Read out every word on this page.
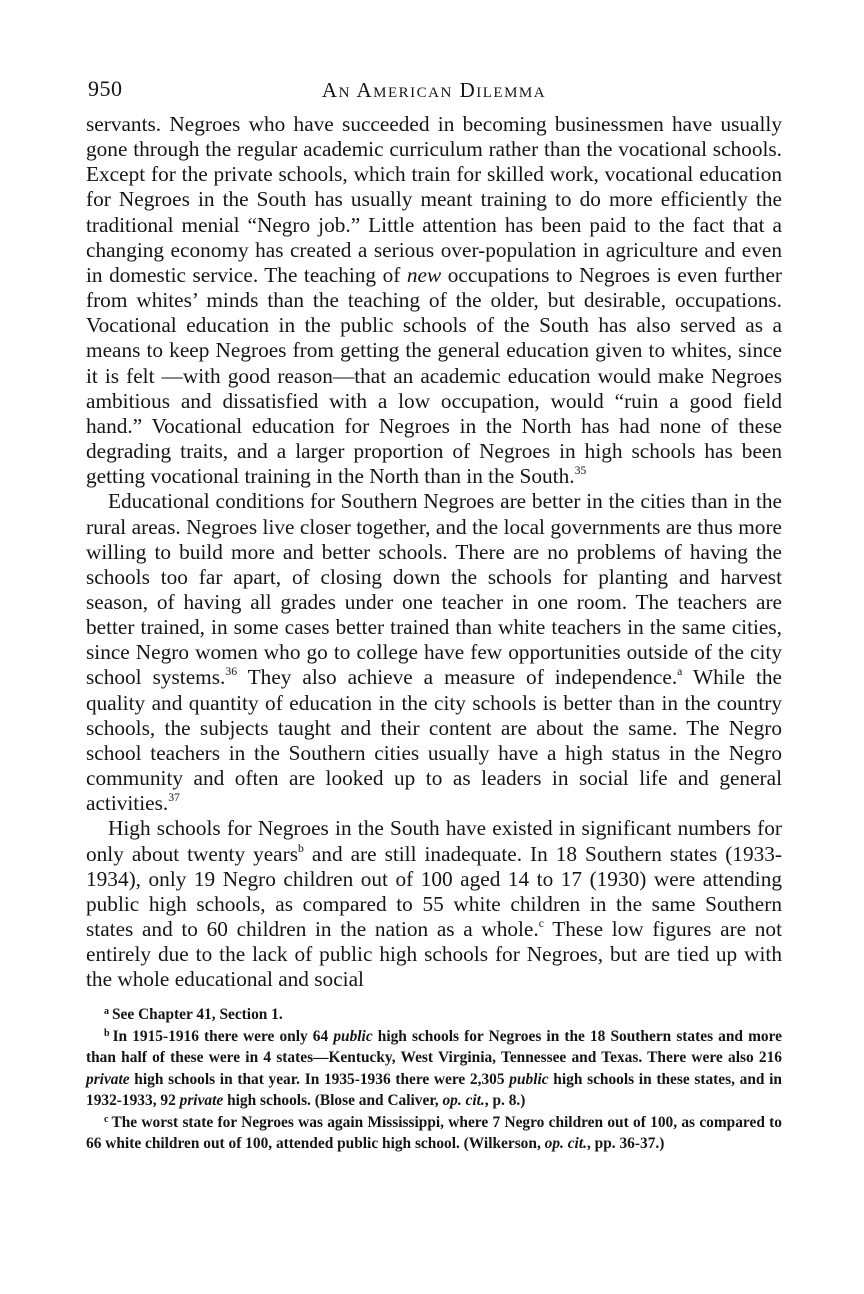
950	An American Dilemma

servants. Negroes who have succeeded in becoming businessmen have usually gone through the regular academic curriculum rather than the vocational schools. Except for the private schools, which train for skilled work, vocational education for Negroes in the South has usually meant training to do more efficiently the traditional menial “Negro job.” Little attention has been paid to the fact that a changing economy has created a serious over-population in agriculture and even in domestic service. The teaching of new occupations to Negroes is even further from whites’ minds than the teaching of the older, but desirable, occupations. Vocational education in the public schools of the South has also served as a means to keep Negroes from getting the general education given to whites, since it is felt —with good reason—that an academic education would make Negroes ambitious and dissatisfied with a low occupation, would “ruin a good field hand.” Vocational education for Negroes in the North has had none of these degrading traits, and a larger proportion of Negroes in high schools has been getting vocational training in the North than in the South.$^{35}$

Educational conditions for Southern Negroes are better in the cities than in the rural areas. Negroes live closer together, and the local governments are thus more willing to build more and better schools. There are no problems of having the schools too far apart, of closing down the schools for planting and harvest season, of having all grades under one teacher in one room. The teachers are better trained, in some cases better trained than white teachers in the same cities, since Negro women who go to college have few opportunities outside of the city school systems.$^{36}$ They also achieve a measure of independence.$^a$ While the quality and quantity of education in the city schools is better than in the country schools, the subjects taught and their content are about the same. The Negro school teachers in the Southern cities usually have a high status in the Negro community and often are looked up to as leaders in social life and general activities.$^{37}$

High schools for Negroes in the South have existed in significant numbers for only about twenty years$^b$ and are still inadequate. In 18 Southern states (1933-1934), only 19 Negro children out of 100 aged 14 to 17 (1930) were attending public high schools, as compared to 55 white children in the same Southern states and to 60 children in the nation as a whole.$^c$ These low figures are not entirely due to the lack of public high schools for Negroes, but are tied up with the whole educational and social

$^a$ See Chapter 41, Section 1.

$^b$ In 1915-1916 there were only 64 public high schools for Negroes in the 18 Southern states and more than half of these were in 4 states—Kentucky, West Virginia, Tennessee and Texas. There were also 216 private high schools in that year. In 1935-1936 there were 2,305 public high schools in these states, and in 1932-1933, 92 private high schools. (Blose and Caliver, op. cit., p. 8.)

$^c$ The worst state for Negroes was again Mississippi, where 7 Negro children out of 100, as compared to 66 white children out of 100, attended public high school. (Wilkerson, op. cit., pp. 36-37.)
